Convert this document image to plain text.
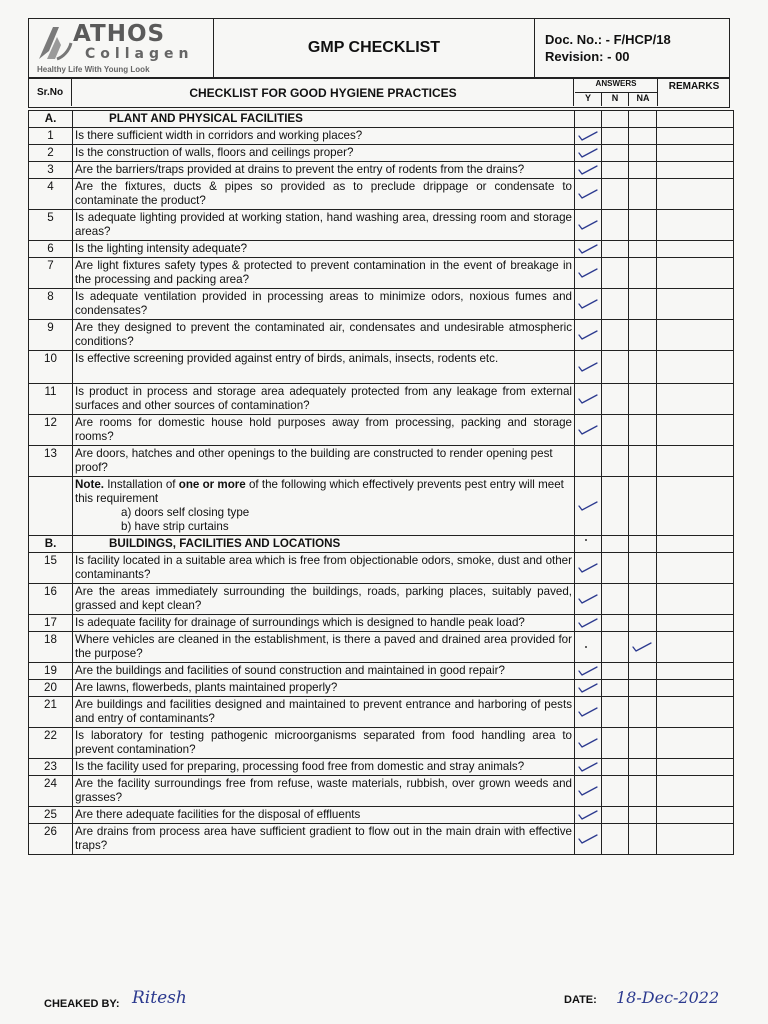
ATHOS
Collagen
Healthy Life With Young Look
GMP CHECKLIST	Doc. No.: - F/HCP/18
Revision: - 00
Sr.No	CHECKLIST FOR GOOD HYGIENE PRACTICES
ANSWERS
Y	N	NA
REMARKS
A.	PLANT AND PHYSICAL FACILITIES				
1	Is there sufficient width in corridors and working places?	

2	Is the construction of walls, floors and ceilings proper?	

3	Are the barriers/traps provided at drains to prevent the entry of rodents from the drains?	

4	Are the fixtures, ducts & pipes so provided as to preclude drippage or condensate to contaminate the product?	

5	Is adequate lighting provided at working station, hand washing area, dressing room and storage areas?	

6	Is the lighting intensity adequate?	

7	Are light fixtures safety types & protected to prevent contamination in the event of breakage in the processing and packing area?	

8	Is adequate ventilation provided in processing areas to minimize odors, noxious fumes and condensates?	

9	Are they designed to prevent the contaminated air, condensates and undesirable atmospheric conditions?	

10	Is effective screening provided against entry of birds, animals, insects, rodents etc.	

11	Is product in process and storage area adequately protected from any leakage from external surfaces and other sources of contamination?	

12	Are rooms for domestic house hold purposes away from processing, packing and storage rooms?	

13	Are doors, hatches and other openings to the building are constructed to render opening pest proof?				
	Note. Installation of one or more of the following which effectively prevents pest entry will meet this requirement
a) doors self closing type
b) have strip curtains

B.	BUILDINGS, FACILITIES AND LOCATIONS	

15	Is facility located in a suitable area which is free from objectionable odors, smoke, dust and other contaminants?	

16	Are the areas immediately surrounding the buildings, roads, parking places, suitably paved, grassed and kept clean?	

17	Is adequate facility for drainage of surroundings which is designed to handle peak load?	

18	Where vehicles are cleaned in the establishment, is there a paved and drained area provided for the purpose?	

19	Are the buildings and facilities of sound construction and maintained in good repair?	

20	Are lawns, flowerbeds, plants maintained properly?	

21	Are buildings and facilities designed and maintained to prevent entrance and harboring of pests and entry of contaminants?	

22	Is laboratory for testing pathogenic microorganisms separated from food handling area to prevent contamination?	

23	Is the facility used for preparing, processing food free from domestic and stray animals?	

24	Are the facility surroundings free from refuse, waste materials, rubbish, over grown weeds and grasses?	

25	Are there adequate facilities for the disposal of effluents	

26	Are drains from process area have sufficient gradient to flow out in the main drain with effective traps?	

CHEAKED BY: Ritesh	DATE: 18-Dec-2022
